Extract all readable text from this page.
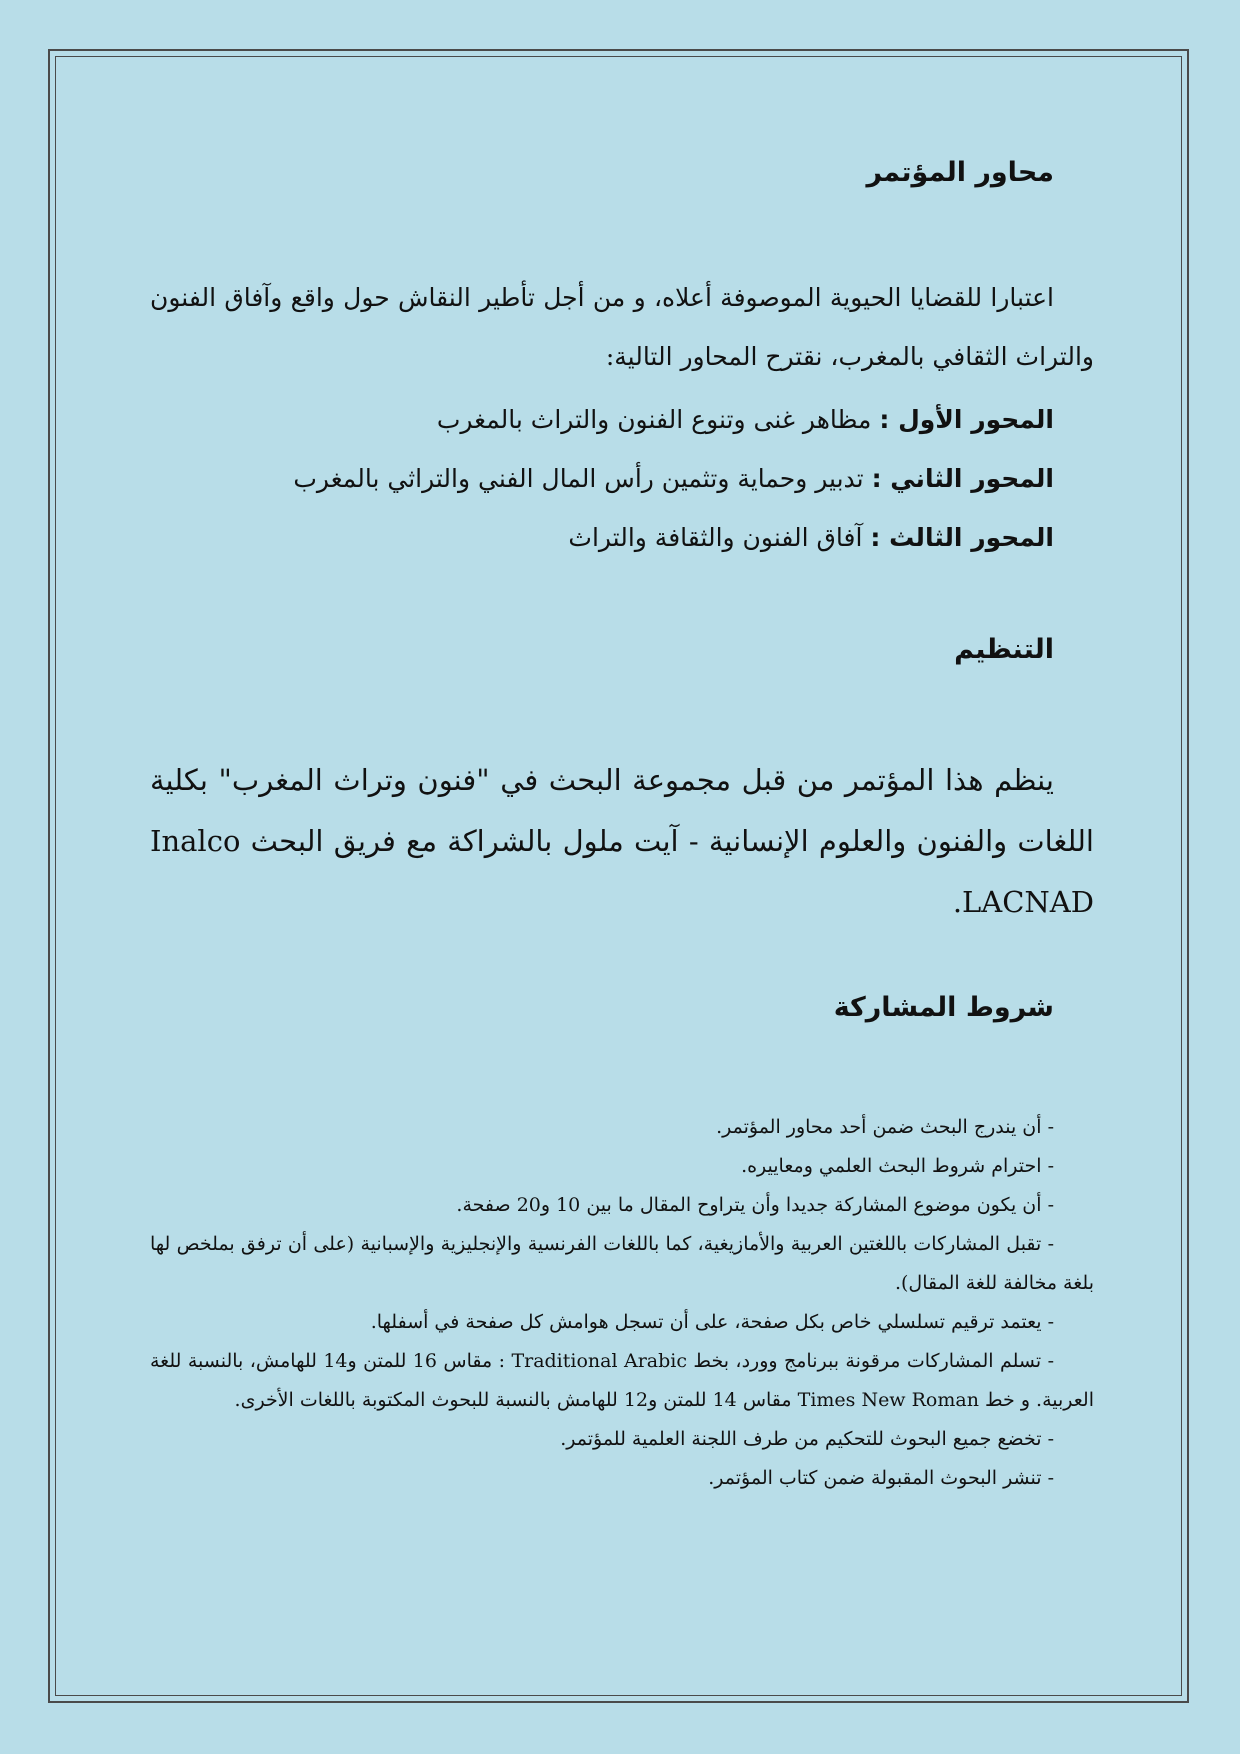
محاور المؤتمر

اعتبارا للقضايا الحيوية الموصوفة أعلاه، و من أجل تأطير النقاش حول واقع وآفاق الفنون والتراث الثقافي بالمغرب، نقترح المحاور التالية:

المحور الأول : مظاهر غنى وتنوع الفنون والتراث بالمغرب
المحور الثاني : تدبير وحماية وتثمين رأس المال الفني والتراثي بالمغرب
المحور الثالث : آفاق الفنون والثقافة والتراث
التنظيم

ينظم هذا المؤتمر من قبل مجموعة البحث في "فنون وتراث المغرب" بكلية اللغات والفنون والعلوم الإنسانية - آيت ملول بالشراكة مع فريق البحث Inalco LACNAD.

شروط المشاركة
- أن يندرج البحث ضمن أحد محاور المؤتمر.
- احترام شروط البحث العلمي ومعاييره.
- أن يكون موضوع المشاركة جديدا وأن يتراوح المقال ما بين 10 و20 صفحة.
- تقبل المشاركات باللغتين العربية والأمازيغية، كما باللغات الفرنسية والإنجليزية والإسبانية (على أن ترفق بملخص لها بلغة مخالفة للغة المقال).
- يعتمد ترقيم تسلسلي خاص بكل صفحة، على أن تسجل هوامش كل صفحة في أسفلها.
- تسلم المشاركات مرقونة ببرنامج وورد، بخط Traditional Arabic : مقاس 16 للمتن و14 للهامش، بالنسبة للغة العربية. و خط Times New Roman مقاس 14 للمتن و12 للهامش بالنسبة للبحوث المكتوبة باللغات الأخرى.
- تخضع جميع البحوث للتحكيم من طرف اللجنة العلمية للمؤتمر.
- تنشر البحوث المقبولة ضمن كتاب المؤتمر.
